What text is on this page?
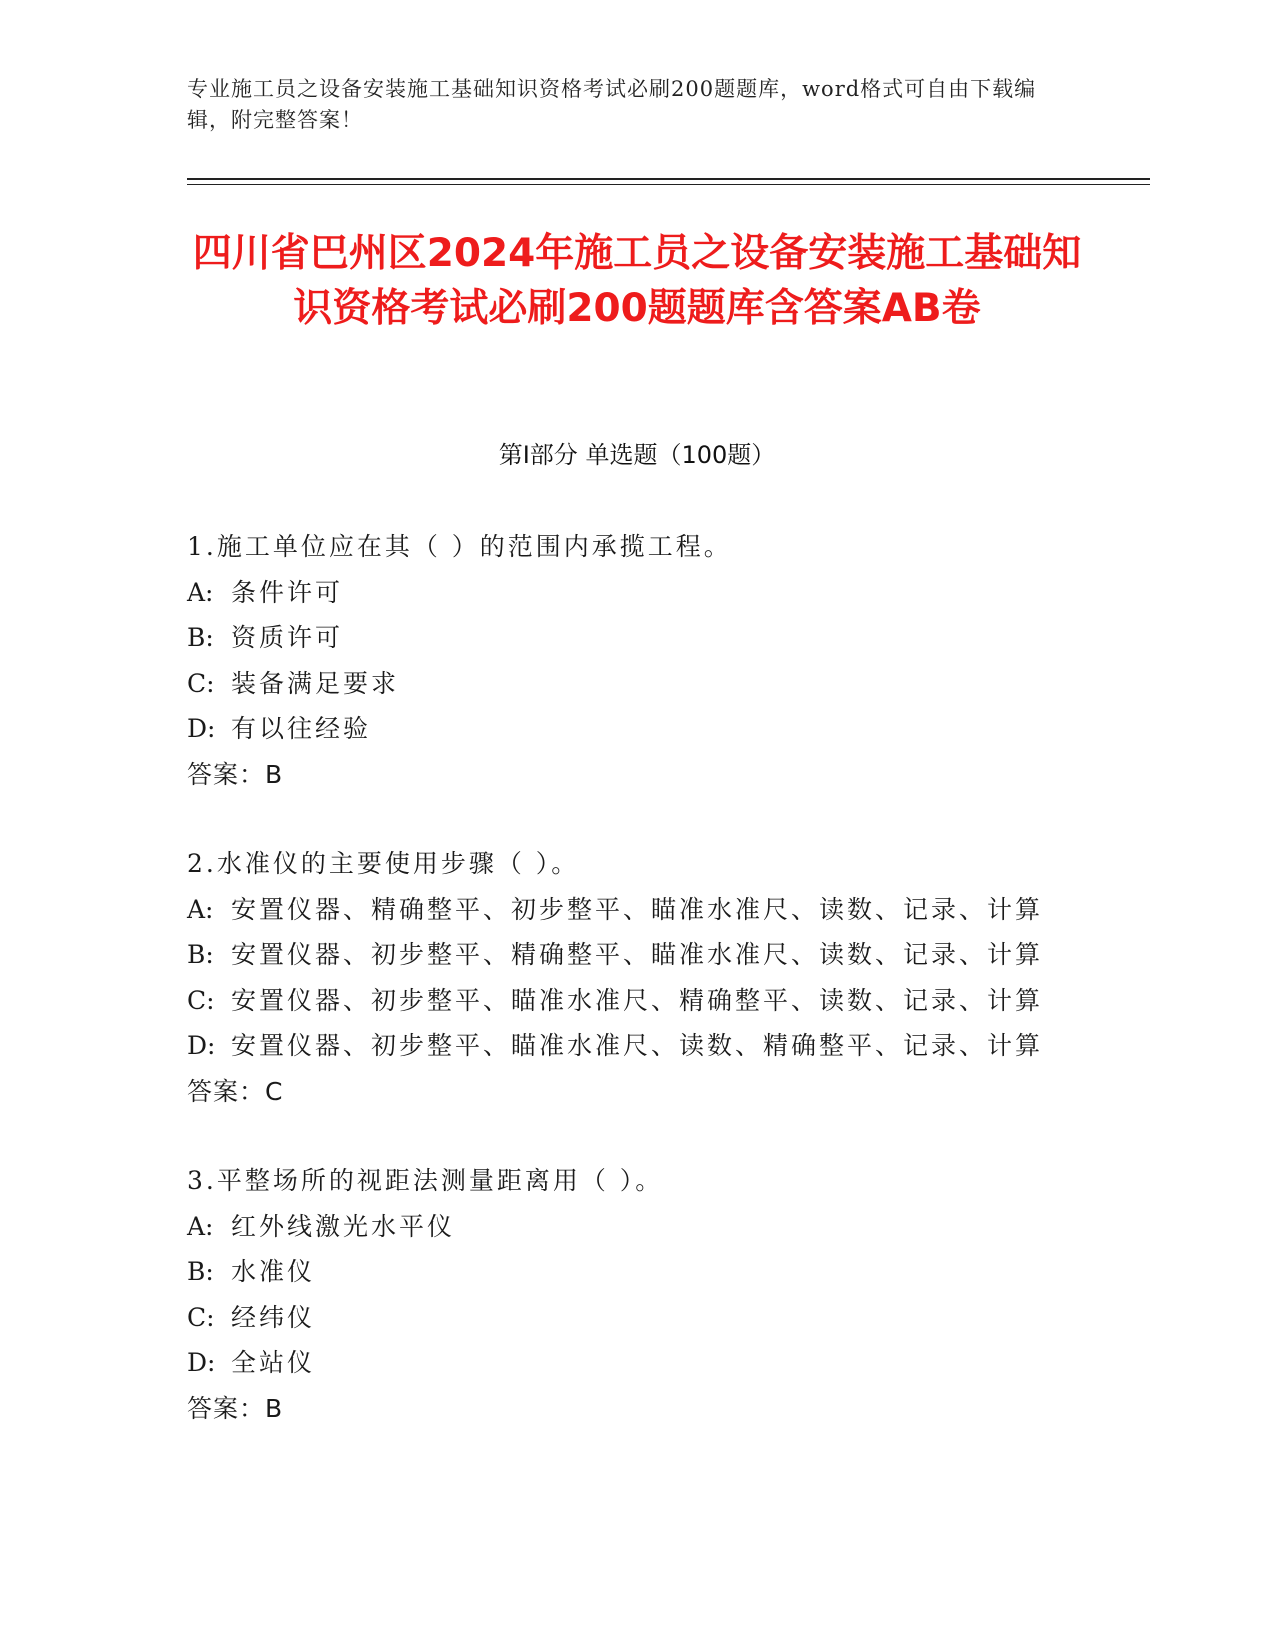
专业施工员之设备安装施工基础知识资格考试必刷200题题库，word格式可自由下载编辑，附完整答案！
四川省巴州区2024年施工员之设备安装施工基础知识资格考试必刷200题题库含答案AB卷
第Ⅰ部分 单选题（100题）
1.施工单位应在其（ ）的范围内承揽工程。
A: 条件许可
B: 资质许可
C: 装备满足要求
D: 有以往经验
答案：B
2.水准仪的主要使用步骤（ ）。
A: 安置仪器、精确整平、初步整平、瞄准水准尺、读数、记录、计算
B: 安置仪器、初步整平、精确整平、瞄准水准尺、读数、记录、计算
C: 安置仪器、初步整平、瞄准水准尺、精确整平、读数、记录、计算
D: 安置仪器、初步整平、瞄准水准尺、读数、精确整平、记录、计算
答案：C
3.平整场所的视距法测量距离用（ ）。
A: 红外线激光水平仪
B: 水准仪
C: 经纬仪
D: 全站仪
答案：B
